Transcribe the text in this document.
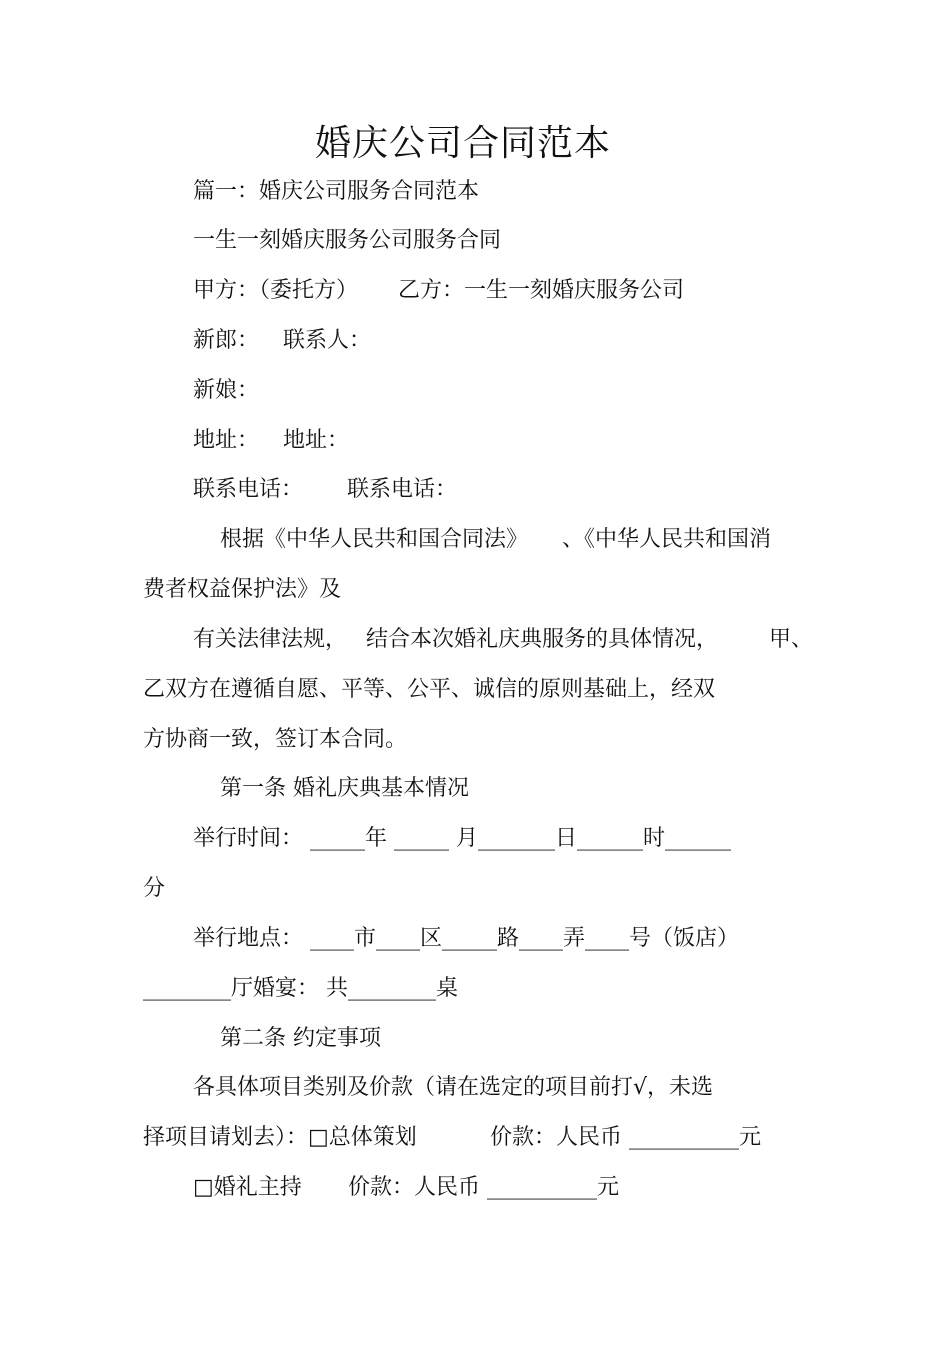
婚庆公司合同范本
篇一：婚庆公司服务合同范本
一生一刻婚庆服务公司服务合同
甲方：（委托方） 乙方：一生一刻婚庆服务公司
新郎： 联系人：
新娘：
地址： 地址：
联系电话： 联系电话：
根据《中华人民共和国合同法》 、《中华人民共和国消
费者权益保护法》及
有关法律法规， 结合本次婚礼庆典服务的具体情况， 甲、
乙双方在遵循自愿、平等、公平、诚信的原则基础上，经双
方协商一致，签订本合同。
第一条 婚礼庆典基本情况
举行时间： _____年 _____ 月_______日______时______
分
举行地点： ____市____区_____路____弄____号（饭店）
________厅婚宴： 共________桌
第二条 约定事项
各具体项目类别及价款（请在选定的项目前打√，未选
择项目请划去）：□总体策划	价款：人民币 __________元
□婚礼主持 价款：人民币 __________元
